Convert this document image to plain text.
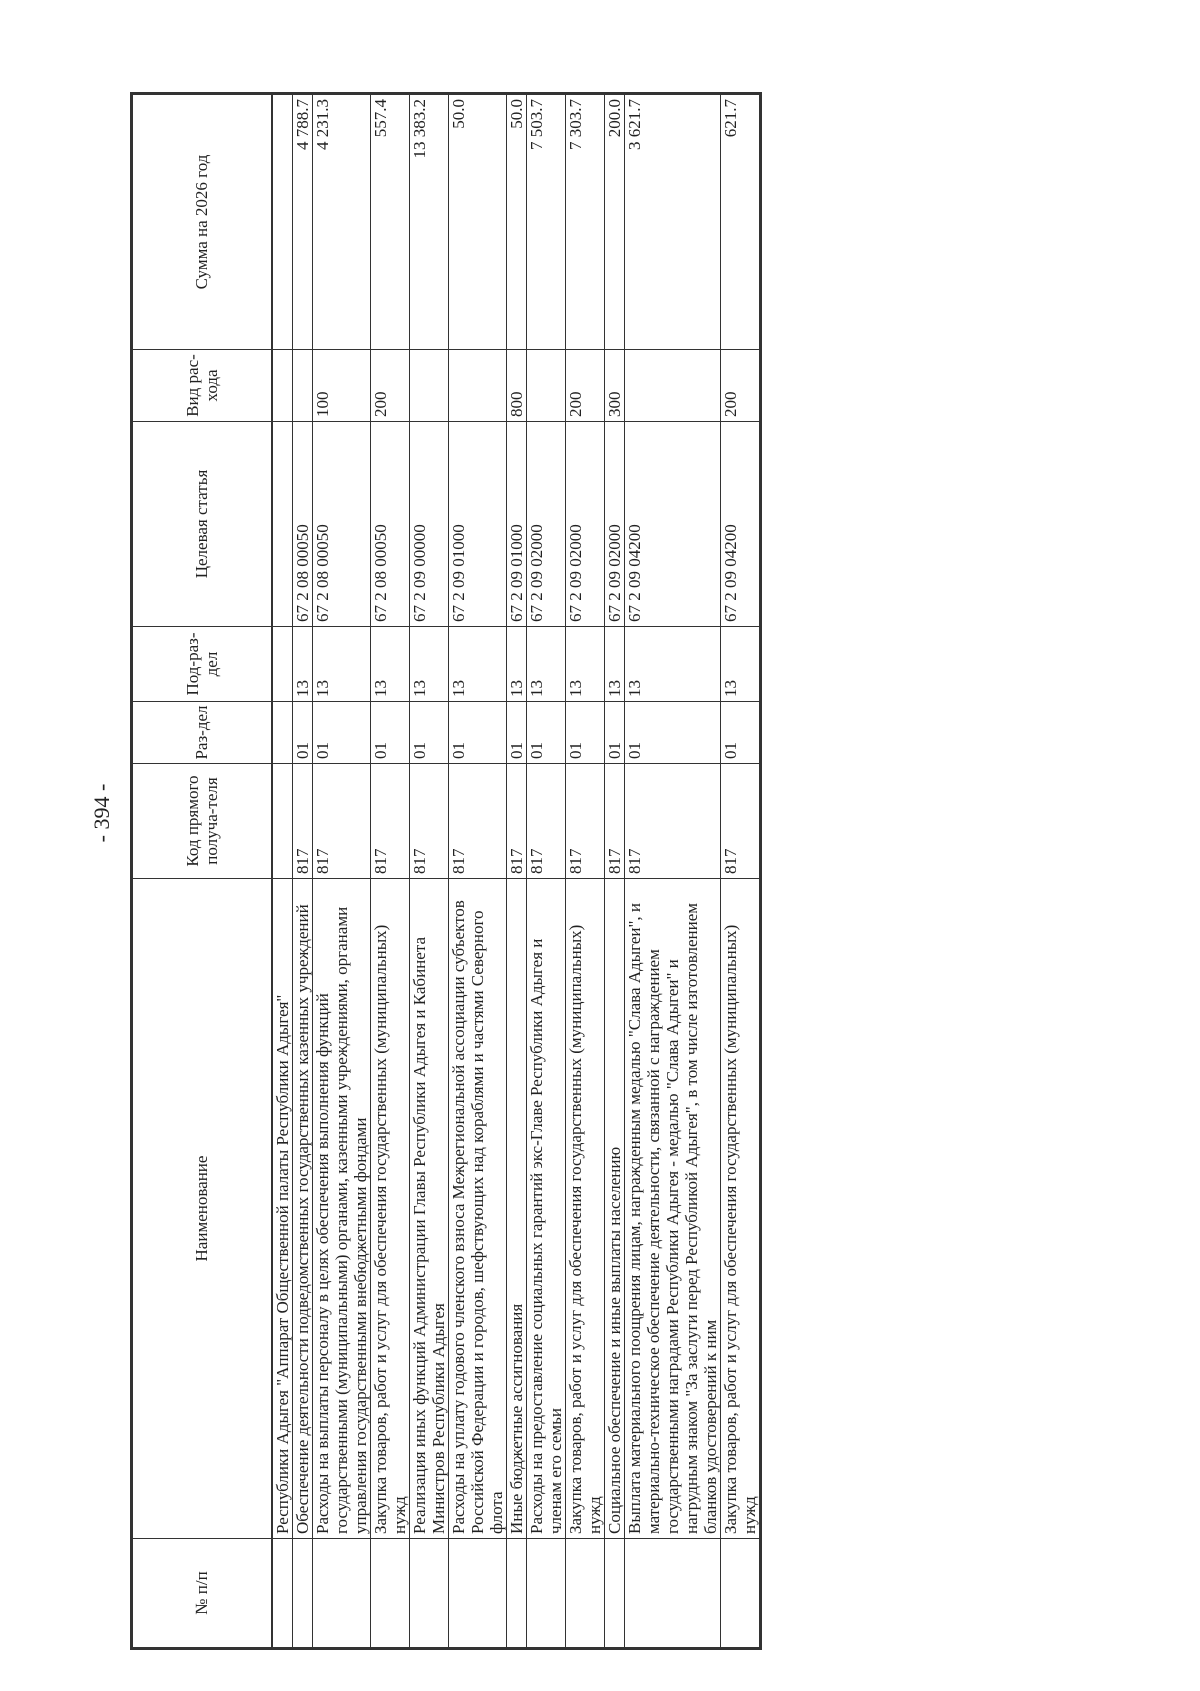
- 394 -
№ п/п	Наименование	Код прямого получа-теля	Раз-дел	Под-раз-дел	Целевая статья	Вид рас-хода	Сумма на 2026 год
	Республики Адыгея "Аппарат Общественной палаты Республики Адыгея"						
	Обеспечение деятельности подведомственных государственных казенных учреждений	817	01	13	67 2 08 00050		4 788.7
	Расходы на выплаты персоналу в целях обеспечения выполнения функций государственными (муниципальными) органами, казенными учреждениями, органами управления государственными внебюджетными фондами	817	01	13	67 2 08 00050	100	4 231.3
	Закупка товаров, работ и услуг для обеспечения государственных (муниципальных) нужд	817	01	13	67 2 08 00050	200	557.4
	Реализация иных функций Администрации Главы Республики Адыгея и Кабинета Министров Республики Адыгея	817	01	13	67 2 09 00000		13 383.2
	Расходы на уплату годового членского взноса Межрегиональной ассоциации субъектов Российской Федерации и городов, шефствующих над кораблями и частями Северного флота	817	01	13	67 2 09 01000		50.0
	Иные бюджетные ассигнования	817	01	13	67 2 09 01000	800	50.0
	Расходы на предоставление социальных гарантий экс-Главе Республики Адыгея и членам его семьи	817	01	13	67 2 09 02000		7 503.7
	Закупка товаров, работ и услуг для обеспечения государственных (муниципальных) нужд	817	01	13	67 2 09 02000	200	7 303.7
	Социальное обеспечение и иные выплаты населению	817	01	13	67 2 09 02000	300	200.0
	Выплата материального поощрения лицам, награжденным медалью "Слава Адыгеи", и материально-техническое обеспечение деятельности, связанной с награждением государственными наградами Республики Адыгея - медалью "Слава Адыгеи" и нагрудным знаком "За заслуги перед Республикой Адыгея", в том числе изготовлением бланков удостоверений к ним	817	01	13	67 2 09 04200		3 621.7
	Закупка товаров, работ и услуг для обеспечения государственных (муниципальных) нужд	817	01	13	67 2 09 04200	200	621.7
